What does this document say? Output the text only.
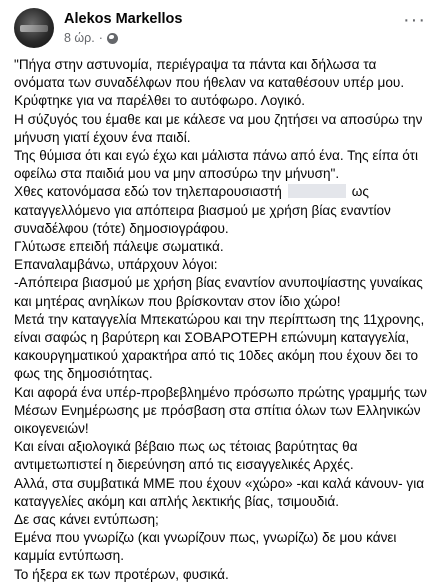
Alekos Markellos
8 ώρ. ·
···
"Πήγα στην αστυνομία, περιέγραψα τα πάντα και δήλωσα τα
ονόματα των συναδέλφων που ήθελαν να καταθέσουν υπέρ μου.
Κρύφτηκε για να παρέλθει το αυτόφωρο. Λογικό.
Η σύζυγός του έμαθε και με κάλεσε να μου ζητήσει να αποσύρω την
μήνυση γιατί έχουν ένα παιδί.
Της θύμισα ότι και εγώ έχω και μάλιστα πάνω από ένα. Της είπα ότι
οφείλω στα παιδιά μου να μην αποσύρω την μήνυση".
Χθες κατονόμασα εδώ τον τηλεπαρουσιαστή	ως
καταγγελλόμενο για απόπειρα βιασμού με χρήση βίας εναντίον
συναδέλφου (τότε) δημοσιογράφου.
Γλύτωσε επειδή πάλεψε σωματικά.
Επαναλαμβάνω, υπάρχουν λόγοι:
-Απόπειρα βιασμού με χρήση βίας εναντίον ανυποψίαστης γυναίκας
και μητέρας ανηλίκων που βρίσκονταν στον ίδιο χώρο!
Μετά την καταγγελία Μπεκατώρου και την περίπτωση της 11χρονης,
είναι σαφώς η βαρύτερη και ΣΟΒΑΡΟΤΕΡΗ επώνυμη καταγγελία,
κακουργηματικού χαρακτήρα από τις 10δες ακόμη που έχουν δει το
φως της δημοσιότητας.
Και αφορά ένα υπέρ-προβεβλημένο πρόσωπο πρώτης γραμμής των
Μέσων Ενημέρωσης με πρόσβαση στα σπίτια όλων των Ελληνικών
οικογενειών!
Και είναι αξιολογικά βέβαιο πως ως τέτοιας βαρύτητας θα
αντιμετωπιστεί η διερεύνηση από τις εισαγγελικές Αρχές.
Αλλά, στα συμβατικά ΜΜΕ που έχουν «χώρο» -και καλά κάνουν- για
καταγγελίες ακόμη και απλής λεκτικής βίας, τσιμουδιά.
Δε σας κάνει εντύπωση;
Εμένα που γνωρίζω (και γνωρίζουν πως, γνωρίζω) δε μου κάνει
καμμία εντύπωση.
Το ήξερα εκ των προτέρων, φυσικά.
